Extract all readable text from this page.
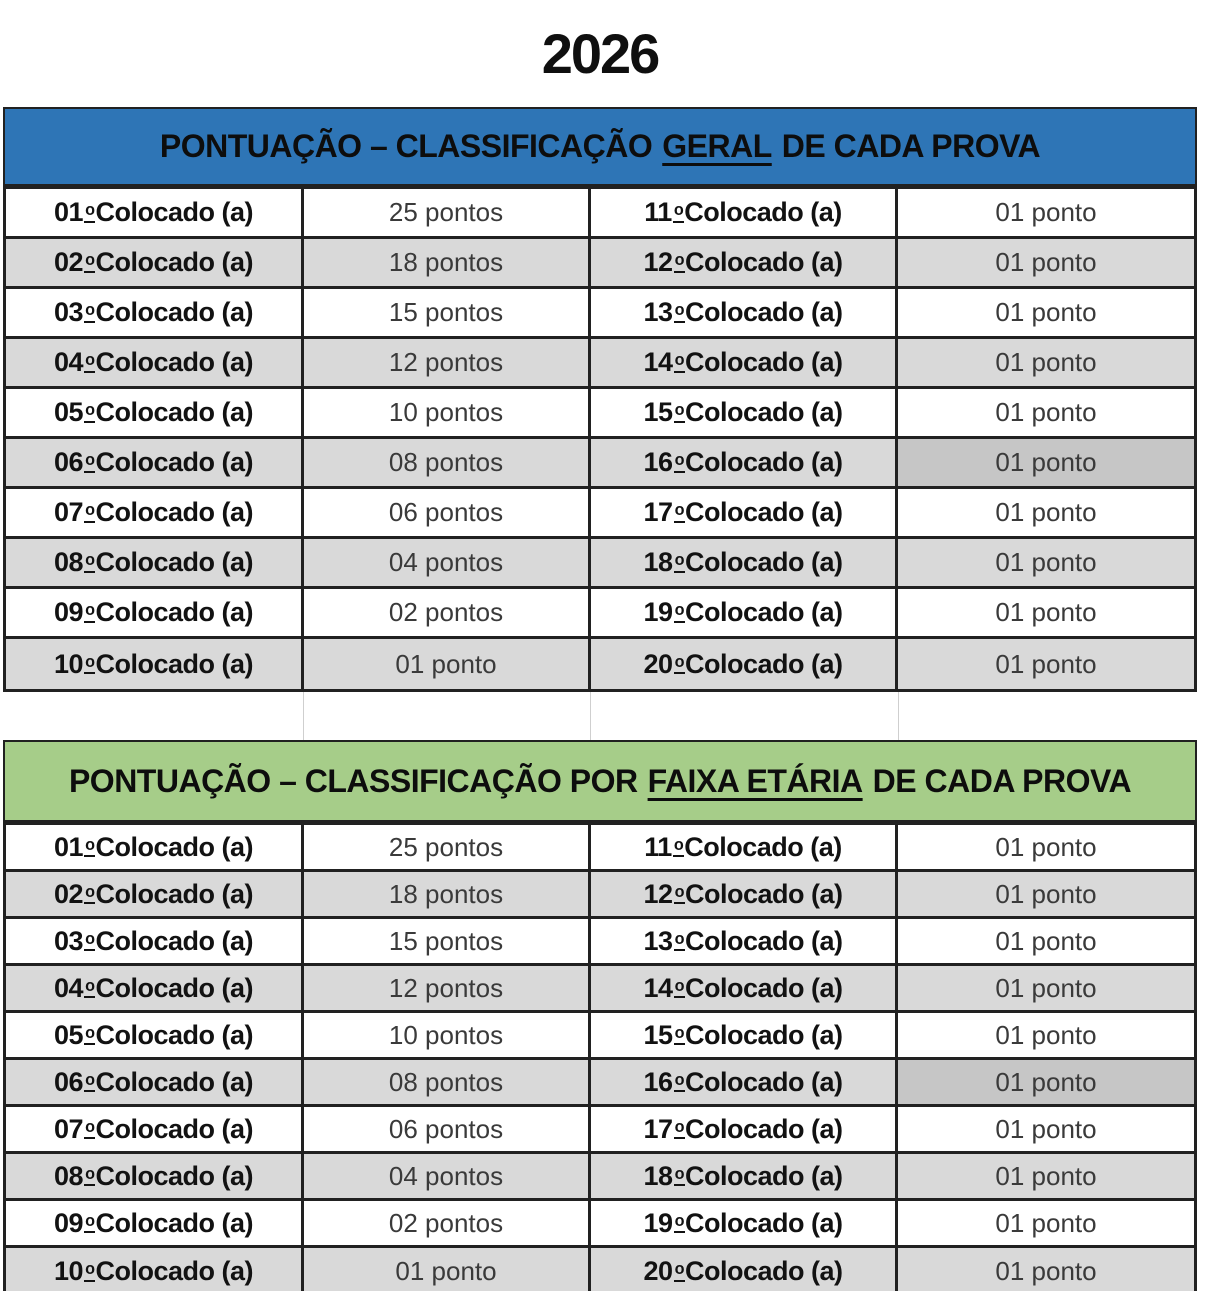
2026
PONTUAÇÃO – CLASSIFICAÇÃO GERAL DE CADA PROVA
01 o Colocado (a)	25 pontos	11 o Colocado (a)	01 ponto
02 o Colocado (a)	18 pontos	12 o Colocado (a)	01 ponto
03 o Colocado (a)	15 pontos	13 o Colocado (a)	01 ponto
04 o Colocado (a)	12 pontos	14 o Colocado (a)	01 ponto
05 o Colocado (a)	10 pontos	15 o Colocado (a)	01 ponto
06 o Colocado (a)	08 pontos	16 o Colocado (a)	01 ponto
07 o Colocado (a)	06 pontos	17 o Colocado (a)	01 ponto
08 o Colocado (a)	04 pontos	18 o Colocado (a)	01 ponto
09 o Colocado (a)	02 pontos	19 o Colocado (a)	01 ponto
10 o Colocado (a)	01 ponto	20 o Colocado (a)	01 ponto
PONTUAÇÃO – CLASSIFICAÇÃO POR FAIXA ETÁRIA DE CADA PROVA
01 o Colocado (a)	25 pontos	11 o Colocado (a)	01 ponto
02 o Colocado (a)	18 pontos	12 o Colocado (a)	01 ponto
03 o Colocado (a)	15 pontos	13 o Colocado (a)	01 ponto
04 o Colocado (a)	12 pontos	14 o Colocado (a)	01 ponto
05 o Colocado (a)	10 pontos	15 o Colocado (a)	01 ponto
06 o Colocado (a)	08 pontos	16 o Colocado (a)	01 ponto
07 o Colocado (a)	06 pontos	17 o Colocado (a)	01 ponto
08 o Colocado (a)	04 pontos	18 o Colocado (a)	01 ponto
09 o Colocado (a)	02 pontos	19 o Colocado (a)	01 ponto
10 o Colocado (a)	01 ponto	20 o Colocado (a)	01 ponto
